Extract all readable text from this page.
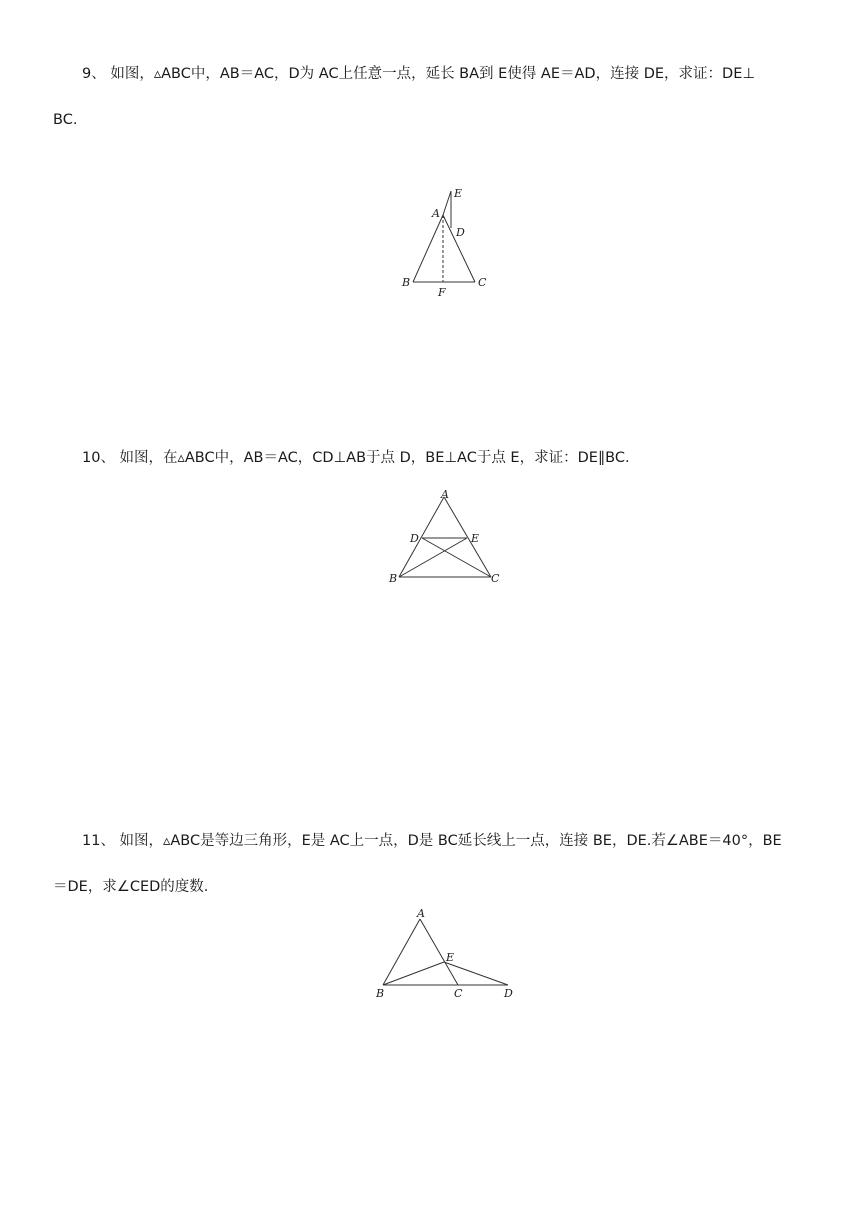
9、 如图，▵ABC中，AB＝AC，D为 AC上任意一点，延长 BA到 E使得 AE＝AD，连接 DE，求证：DE⊥
BC.
E
A
D
B
F
C
10、 如图，在▵ABC中，AB＝AC，CD⊥AB于点 D，BE⊥AC于点 E，求证：DE∥BC.
A
D	E
B	C
11、 如图，▵ABC是等边三角形，E是 AC上一点，D是 BC延长线上一点，连接 BE，DE.若∠ABE＝40°，BE
＝DE，求∠CED的度数．
A
E
B	C	D
